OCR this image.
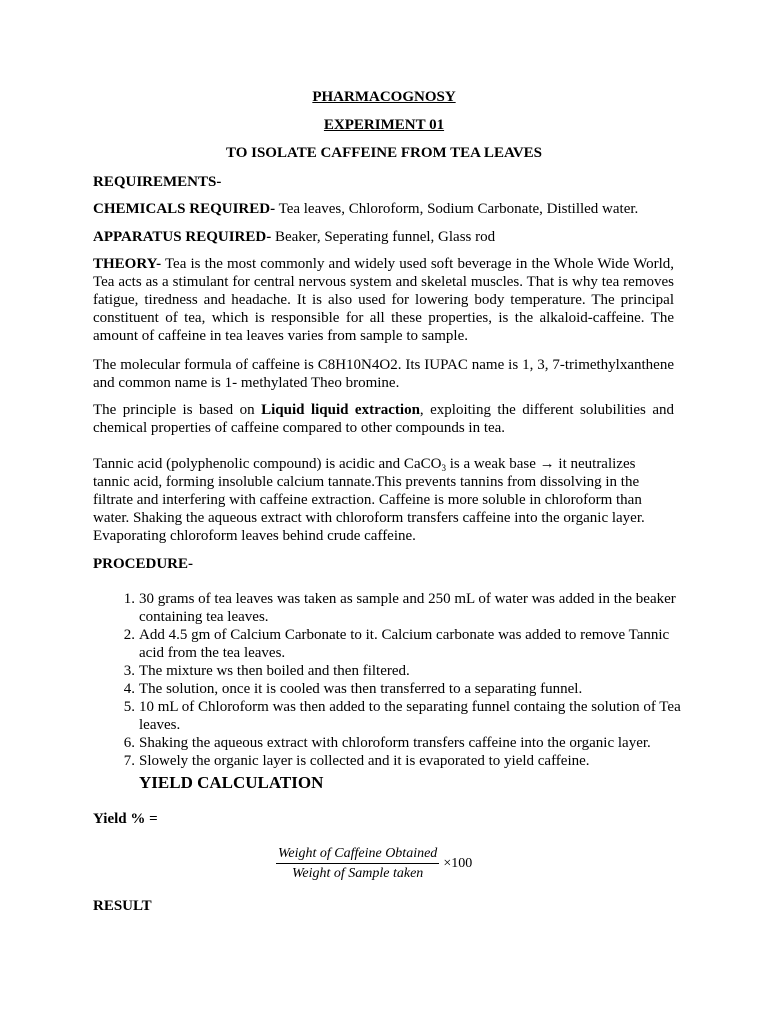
PHARMACOGNOSY
EXPERIMENT 01
TO ISOLATE CAFFEINE FROM TEA LEAVES
REQUIREMENTS-
CHEMICALS REQUIRED- Tea leaves, Chloroform, Sodium Carbonate, Distilled water.
APPARATUS REQUIRED- Beaker, Seperating funnel, Glass rod
THEORY- Tea is the most commonly and widely used soft beverage in the Whole Wide World, Tea acts as a stimulant for central nervous system and skeletal muscles. That is why tea removes fatigue, tiredness and headache. It is also used for lowering body temperature. The principal constituent of tea, which is responsible for all these properties, is the alkaloid-caffeine. The amount of caffeine in tea leaves varies from sample to sample.
The molecular formula of caffeine is C8H10N4O2. Its IUPAC name is 1, 3, 7-trimethylxanthene and common name is 1- methylated Theo bromine.
The principle is based on Liquid liquid extraction, exploiting the different solubilities and chemical properties of caffeine compared to other compounds in tea.
Tannic acid (polyphenolic compound) is acidic and CaCO$_3$ is a weak base → it neutralizes tannic acid, forming insoluble calcium tannate.This prevents tannins from dissolving in the filtrate and interfering with caffeine extraction. Caffeine is more soluble in chloroform than water. Shaking the aqueous extract with chloroform transfers caffeine into the organic layer. Evaporating chloroform leaves behind crude caffeine.
PROCEDURE-
1. 30 grams of tea leaves was taken as sample and 250 mL of water was added in the beaker containing tea leaves.
2. Add 4.5 gm of Calcium Carbonate to it. Calcium carbonate was added to remove Tannic acid from the tea leaves.
3. The mixture ws then boiled and then filtered.
4. The solution, once it is cooled was then transferred to a separating funnel.
5. 10 mL of Chloroform was then added to the separating funnel containg the solution of Tea leaves.
6. Shaking the aqueous extract with chloroform transfers caffeine into the organic layer.
7. Slowely the organic layer is collected and it is evaporated to yield caffeine.
YIELD CALCULATION
Yield % =
$\frac{\text{Weight of Caffeine Obtained}}{\text{Weight of Sample taken}} \times 100$
RESULT
